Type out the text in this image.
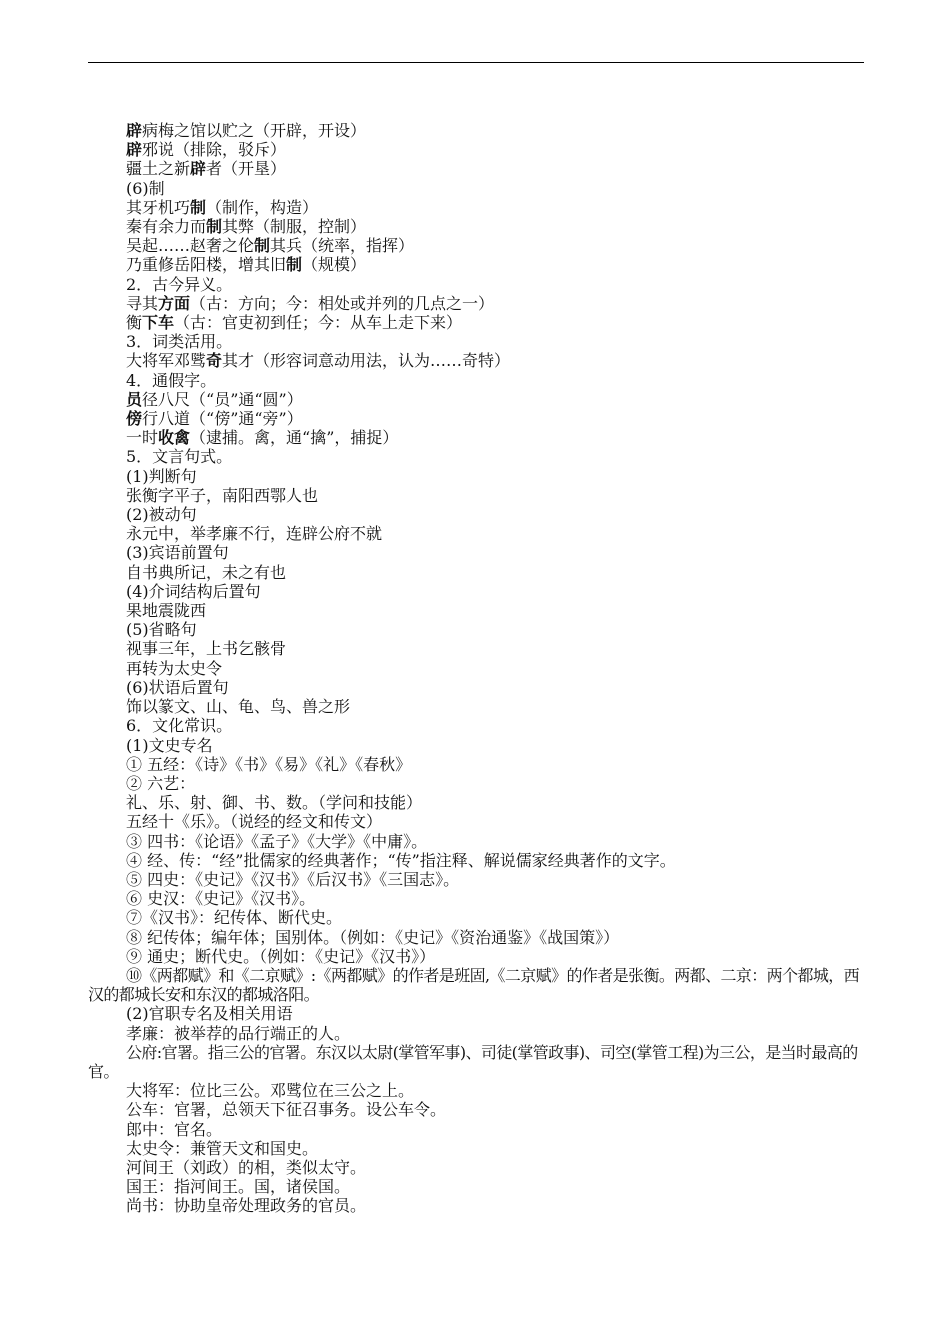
辟病梅之馆以贮之（开辟，开设）
辟邪说（排除，驳斥）
疆土之新辟者（开垦）
(6)制
其牙机巧制（制作，构造）
秦有余力而制其弊（制服，控制）
吴起……赵奢之伦制其兵（统率，指挥）
乃重修岳阳楼，增其旧制（规模）
2．古今异义。
寻其方面（古：方向；今：相处或并列的几点之一）
衡下车（古：官吏初到任；今：从车上走下来）
3．词类活用。
大将军邓骘奇其才（形容词意动用法，认为……奇特）
4．通假字。
员径八尺（“员”通“圆”）
傍行八道（“傍”通“旁”）
一时收禽（逮捕。禽，通“擒”，捕捉）
5．文言句式。
(1)判断句
张衡字平子，南阳西鄂人也
(2)被动句
永元中，举孝廉不行，连辟公府不就
(3)宾语前置句
自书典所记，未之有也
(4)介词结构后置句
果地震陇西
(5)省略句
视事三年，上书乞骸骨
再转为太史令
(6)状语后置句
饰以篆文、山、龟、鸟、兽之形
6．文化常识。
(1)文史专名
① 五经：《诗》《书》《易》《礼》《春秋》
② 六艺：
礼、乐、射、御、书、数。（学问和技能）
五经十《乐》。（说经的经文和传文）
③ 四书：《论语》《孟子》《大学》《中庸》。
④ 经、传：“经”批儒家的经典著作；“传”指注释、解说儒家经典著作的文字。
⑤ 四史：《史记》《汉书》《后汉书》《三国志》。
⑥ 史汉：《史记》《汉书》。
⑦《汉书》：纪传体、断代史。
⑧ 纪传体；编年体；国别体。（例如：《史记》《资治通鉴》《战国策》）
⑨ 通史；断代史。（例如：《史记》《汉书》）
⑩《两都赋》和《二京赋》:《两都赋》的作者是班固,《二京赋》的作者是张衡。两都、二京：两个都城，西汉的都城长安和东汉的都城洛阳。
(2)官职专名及相关用语
孝廉：被举荐的品行端正的人。
公府:官署。指三公的官署。东汉以太尉(掌管军事)、司徒(掌管政事)、司空(掌管工程)为三公，是当时最高的官。
大将军：位比三公。邓骘位在三公之上。
公车：官署，总领天下征召事务。设公车令。
郎中：官名。
太史令：兼管天文和国史。
河间王（刘政）的相，类似太守。
国王：指河间王。国，诸侯国。
尚书：协助皇帝处理政务的官员。
